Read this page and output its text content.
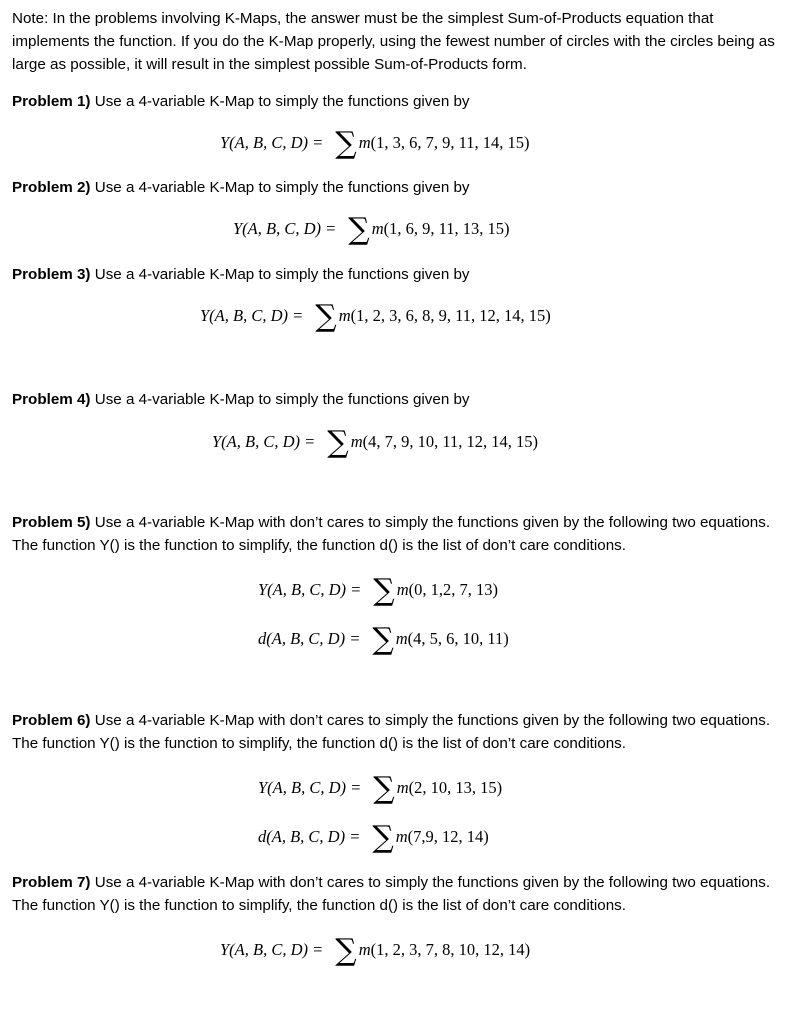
Note: In the problems involving K-Maps, the answer must be the simplest Sum-of-Products equation that implements the function. If you do the K-Map properly, using the fewest number of circles with the circles being as large as possible, it will result in the simplest possible Sum-of-Products form.
Problem 1) Use a 4-variable K-Map to simply the functions given by
Y(A, B, C, D) = ∑ m (1, 3, 6, 7, 9, 11, 14, 15)
Problem 2) Use a 4-variable K-Map to simply the functions given by
Y(A, B, C, D) = ∑ m (1, 6, 9, 11, 13, 15)
Problem 3) Use a 4-variable K-Map to simply the functions given by
Y(A, B, C, D) = ∑ m (1, 2, 3, 6, 8, 9, 11, 12, 14, 15)
Problem 4) Use a 4-variable K-Map to simply the functions given by
Y(A, B, C, D) = ∑ m (4, 7, 9, 10, 11, 12, 14, 15)
Problem 5) Use a 4-variable K-Map with don’t cares to simply the functions given by the following two equations. The function Y() is the function to simplify, the function d() is the list of don’t care conditions.
Y(A, B, C, D) = ∑ m (0, 1,2, 7, 13)
d(A, B, C, D) = ∑ m (4, 5, 6, 10, 11)
Problem 6) Use a 4-variable K-Map with don’t cares to simply the functions given by the following two equations. The function Y() is the function to simplify, the function d() is the list of don’t care conditions.
Y(A, B, C, D) = ∑ m (2, 10, 13, 15)
d(A, B, C, D) = ∑ m (7,9, 12, 14)
Problem 7) Use a 4-variable K-Map with don’t cares to simply the functions given by the following two equations. The function Y() is the function to simplify, the function d() is the list of don’t care conditions.
Y(A, B, C, D) = ∑ m (1, 2, 3, 7, 8, 10, 12, 14)
